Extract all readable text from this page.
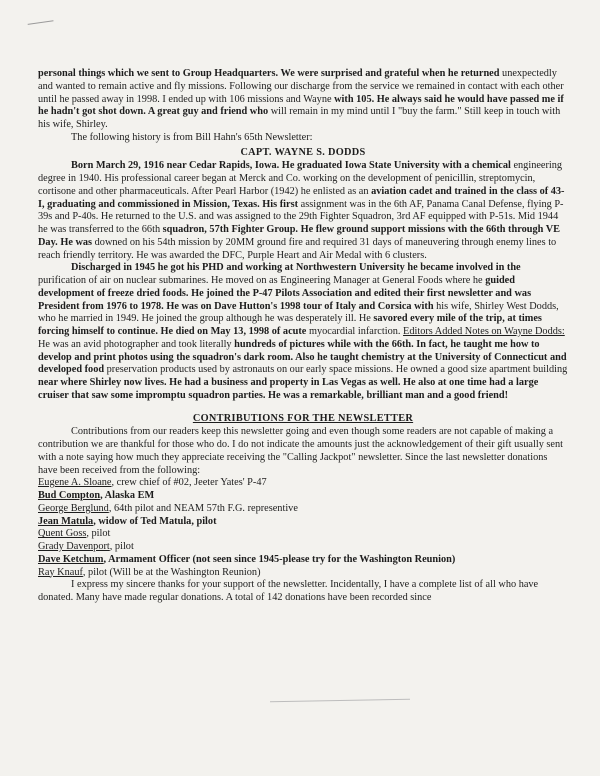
personal things which we sent to Group Headquarters. We were surprised and grateful when he returned unexpectedly and wanted to remain active and fly missions. Following our discharge from the service we remained in contact with each other until he passed away in 1998. I ended up with 106 missions and Wayne with 105. He always said he would have passed me if he hadn't got shot down. A great guy and friend who will remain in my mind until I "buy the farm." Still keep in touch with his wife, Shirley.

The following history is from Bill Hahn's 65th Newsletter:

CAPT. WAYNE S. DODDS

Born March 29, 1916 near Cedar Rapids, Iowa. He graduated Iowa State University with a chemical engineering degree in 1940. His professional career began at Merck and Co. working on the development of penicillin, streptomycin, cortisone and other pharmaceuticals. After Pearl Harbor (1942) he enlisted as an aviation cadet and trained in the class of 43-I, graduating and commissioned in Mission, Texas. His first assignment was in the 6th AF, Panama Canal Defense, flying P-39s and P-40s. He returned to the U.S. and was assigned to the 29th Fighter Squadron, 3rd AF equipped with P-51s. Mid 1944 he was transferred to the 66th squadron, 57th Fighter Group. He flew ground support missions with the 66th through VE Day. He was downed on his 54th mission by 20MM ground fire and required 31 days of maneuvering through enemy lines to reach friendly territory. He was awarded the DFC, Purple Heart and Air Medal with 6 clusters.

Discharged in 1945 he got his PHD and working at Northwestern University he became involved in the purification of air on nuclear submarines. He moved on as Engineering Manager at General Foods where he guided development of freeze dried foods. He joined the P-47 Pilots Association and edited their first newsletter and was President from 1976 to 1978. He was on Dave Hutton's 1998 tour of Italy and Corsica with his wife, Shirley West Dodds, who he married in 1949. He joined the group although he was desperately ill. He savored every mile of the trip, at times forcing himself to continue. He died on May 13, 1998 of acute myocardial infarction. Editors Added Notes on Wayne Dodds: He was an avid photographer and took literally hundreds of pictures while with the 66th. In fact, he taught me how to develop and print photos using the squadron's dark room. Also he taught chemistry at the University of Connecticut and developed food preservation products used by astronauts on our early space missions. He owned a good size apartment building near where Shirley now lives. He had a business and property in Las Vegas as well. He also at one time had a large cruiser that saw some impromptu squadron parties. He was a remarkable, brilliant man and a good friend!

CONTRIBUTIONS FOR THE NEWSLETTER

Contributions from our readers keep this newsletter going and even though some readers are not capable of making a contribution we are thankful for those who do. I do not indicate the amounts just the acknowledgement of their gift usually sent with a note saying how much they appreciate receiving the "Calling Jackpot" newsletter. Since the last newsletter donations have been received from the following:

Eugene A. Sloane, crew chief of #02, Jeeter Yates' P-47
Bud Compton, Alaska EM
George Berglund, 64th pilot and NEAM 57th F.G. representive
Jean Matula, widow of Ted Matula, pilot
Quent Goss, pilot
Grady Davenport, pilot
Dave Ketchum, Armament Officer (not seen since 1945-please try for the Washington Reunion)
Ray Knauf, pilot (Will be at the Washington Reunion)

I express my sincere thanks for your support of the newsletter. Incidentally, I have a complete list of all who have donated. Many have made regular donations. A total of 142 donations have been recorded since
